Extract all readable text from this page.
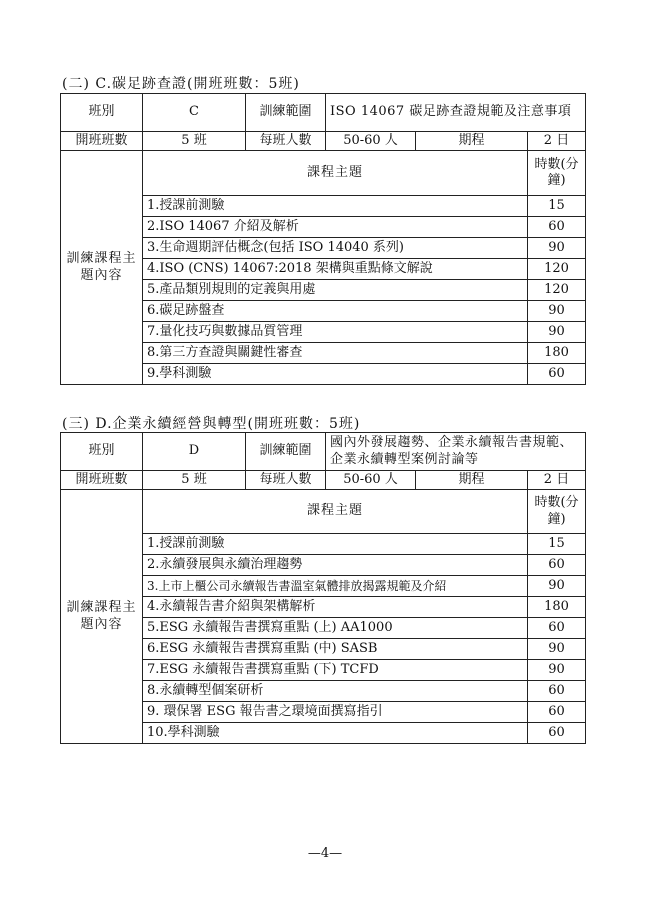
(二) C.碳足跡查證(開班班數：5班)
班別	C	訓練範圍	ISO 14067 碳足跡查證規範及注意事項		
開班班數	5 班	每班人數	50-60 人	期程	2 日
訓練課程主題內容	課程主題				時數(分鐘)
	1.授課前測驗				15
	2.ISO 14067 介紹及解析				60
	3.生命週期評估概念(包括 ISO 14040 系列)				90
	4.ISO (CNS) 14067:2018 架構與重點條文解說				120
	5.產品類別規則的定義與用處				120
	6.碳足跡盤查				90
	7.量化技巧與數據品質管理				90
	8.第三方查證與關鍵性審查				180
	9.學科測驗				60
(三) D.企業永續經營與轉型(開班班數：5班)
班別	D	訓練範圍	國內外發展趨勢、企業永續報告書規範、企業永續轉型案例討論等		
開班班數	5 班	每班人數	50-60 人	期程	2 日
訓練課程主題內容	課程主題				時數(分鐘)
	1.授課前測驗				15
	2.永續發展與永續治理趨勢				60
	3.上市上櫃公司永續報告書溫室氣體排放揭露規範及介紹				90
	4.永續報告書介紹與架構解析				180
	5.ESG 永續報告書撰寫重點 (上) AA1000				60
	6.ESG 永續報告書撰寫重點 (中) SASB				90
	7.ESG 永續報告書撰寫重點 (下) TCFD				90
	8.永續轉型個案研析				60
	9. 環保署 ESG 報告書之環境面撰寫指引				60
	10.學科測驗				60
—4—
